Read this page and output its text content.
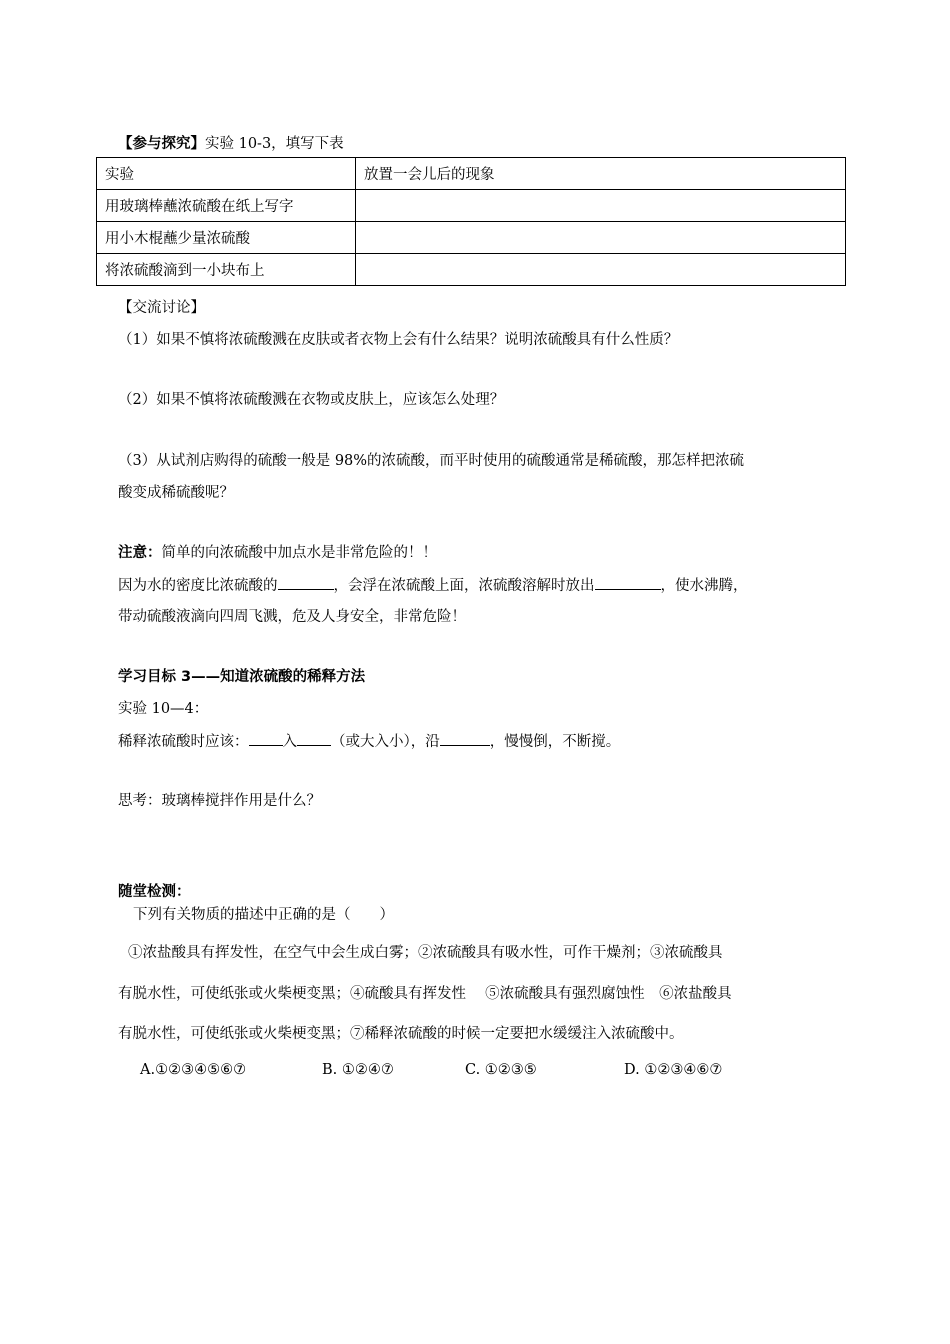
【参与探究】实验 10-3，填写下表
实验	放置一会儿后的现象
用玻璃棒蘸浓硫酸在纸上写字	
用小木棍蘸少量浓硫酸	
将浓硫酸滴到一小块布上	
【交流讨论】
（1）如果不慎将浓硫酸溅在皮肤或者衣物上会有什么结果？说明浓硫酸具有什么性质？
（2）如果不慎将浓硫酸溅在衣物或皮肤上，应该怎么处理？
（3）从试剂店购得的硫酸一般是 98%的浓硫酸，而平时使用的硫酸通常是稀硫酸，那怎样把浓硫
酸变成稀硫酸呢？
注意：简单的向浓硫酸中加点水是非常危险的！！
因为水的密度比浓硫酸的	，会浮在浓硫酸上面，浓硫酸溶解时放出	，使水沸腾，
带动硫酸液滴向四周飞溅，危及人身安全，非常危险！
学习目标 3——知道浓硫酸的稀释方法
实验 10—4：
稀释浓硫酸时应该： 入 （或大入小），沿	，慢慢倒，不断搅。
思考：玻璃棒搅拌作用是什么？
随堂检测：
下列有关物质的描述中正确的是（　　）
①浓盐酸具有挥发性，在空气中会生成白雾；②浓硫酸具有吸水性，可作干燥剂；③浓硫酸具
有脱水性，可使纸张或火柴梗变黑；④硫酸具有挥发性　 ⑤浓硫酸具有强烈腐蚀性　⑥浓盐酸具
有脱水性，可使纸张或火柴梗变黑；⑦稀释浓硫酸的时候一定要把水缓缓注入浓硫酸中。
A.①②③④⑤⑥⑦	B. ①②④⑦	C. ①②③⑤	D. ①②③④⑥⑦
